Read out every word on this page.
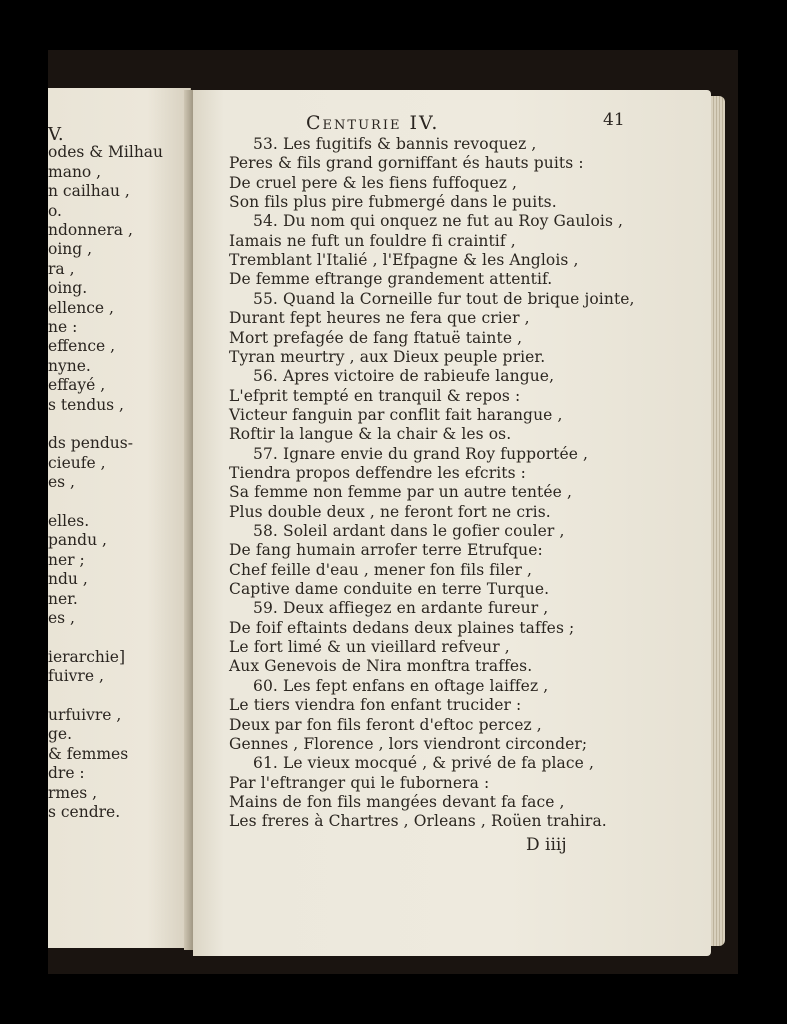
V.
odes & Milhau
mano ,
n cailhau ,
o.
ndonnera ,
oing ,
ra ,
oing.
ellence ,
ne :
effence ,
nyne.
effayé ,
s tendus ,
ds pendus-
cieufe ,
es ,
elles.
pandu ,
ner ;
ndu ,
ner.
es ,
ierarchie]
fuivre ,
urfuivre ,
ge.
& femmes
dre :
rmes ,
s cendre.
Centurie IV.	41
53. Les fugitifs & bannis revoquez ,
Peres & fils grand gorniffant és hauts puits :
De cruel pere & les fiens fuffoquez ,
Son fils plus pire fubmergé dans le puits.
54. Du nom qui onquez ne fut au Roy Gaulois ,
Iamais ne fuft un fouldre fi craintif ,
Tremblant l'Italié , l'Efpagne & les Anglois ,
De femme eftrange grandement attentif.
55. Quand la Corneille fur tout de brique jointe,
Durant fept heures ne fera que crier ,
Mort prefagée de fang ftatuë tainte ,
Tyran meurtry , aux Dieux peuple prier.
56. Apres victoire de rabieufe langue,
L'efprit tempté en tranquil & repos :
Victeur fanguin par conflit fait harangue ,
Roftir la langue & la chair & les os.
57. Ignare envie du grand Roy fupportée ,
Tiendra propos deffendre les efcrits :
Sa femme non femme par un autre tentée ,
Plus double deux , ne feront fort ne cris.
58. Soleil ardant dans le gofier couler ,
De fang humain arrofer terre Etrufque:
Chef feille d'eau , mener fon fils filer ,
Captive dame conduite en terre Turque.
59. Deux affiegez en ardante fureur ,
De foif eftaints dedans deux plaines taffes ;
Le fort limé & un vieillard refveur ,
Aux Genevois de Nira monftra traffes.
60. Les fept enfans en oftage laiffez ,
Le tiers viendra fon enfant trucider :
Deux par fon fils feront d'eftoc percez ,
Gennes , Florence , lors viendront circonder;
61. Le vieux mocqué , & privé de fa place ,
Par l'eftranger qui le fubornera :
Mains de fon fils mangées devant fa face ,
Les freres à Chartres , Orleans , Roüen trahira.
D iiij
